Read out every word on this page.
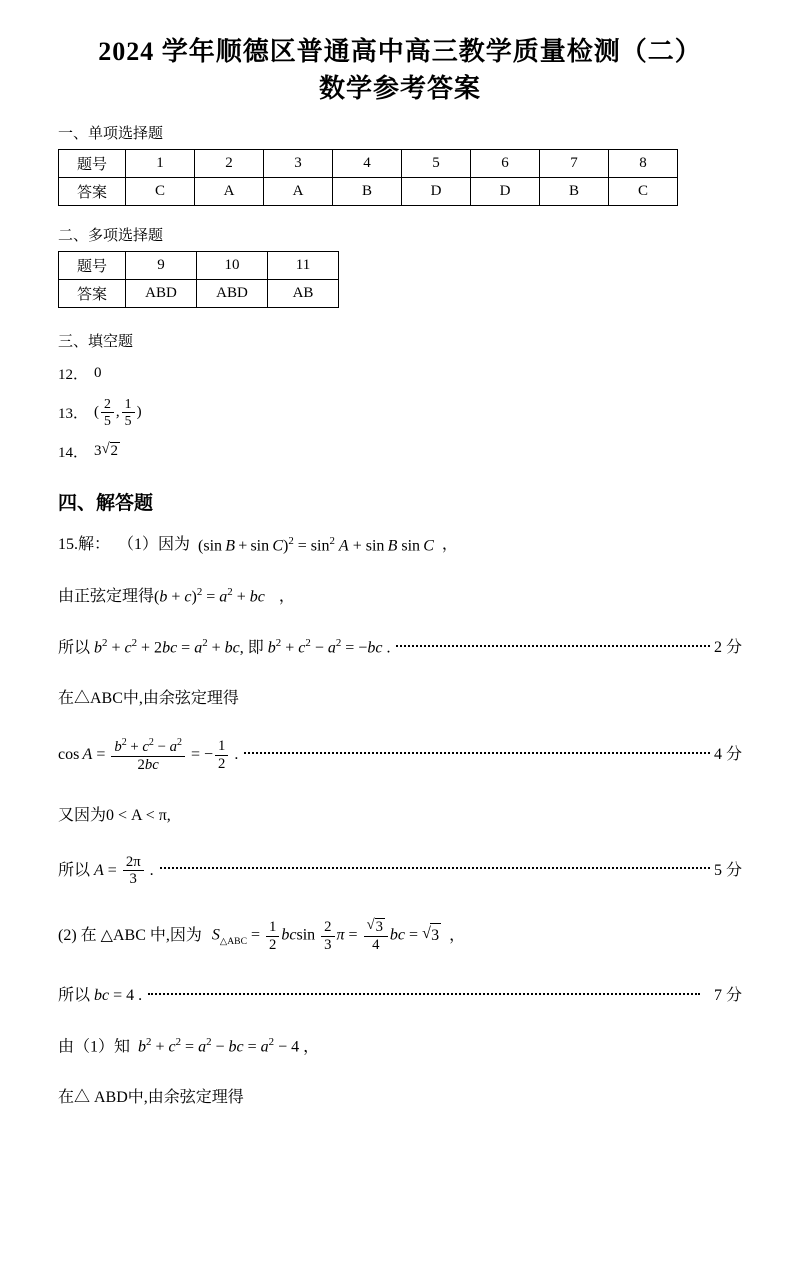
2024 学年顺德区普通高中高三教学质量检测（二）
数学参考答案
一、单项选择题
题号	1	2	3	4	5	6	7	8
答案	C	A	A	B	D	D	B	C
二、多项选择题
题号	9	10	11
答案	ABD	ABD	AB
三、填空题
12． 0
13． ( $\frac{2}{5}$ , $\frac{1}{5}$ )
14． 3 √ 2
四、解答题
15.解： （1）因为 (sin $B + \sin C)^2 = \sin^2 A + \sin B$ sin C ，
由正弦定理得 $(b + c)^2 = a^2$ + bc ，
所以 $b^2 + c^2 + 2bc = a^2$ + bc, 即 $b^2 + c^2 - a^2 = -bc$ .	2 分
在△ABC中,由余弦定理得
$\cos A = \frac{b^2 + c^2 - a^2}{2bc}$ = − $\frac{1}{2}$ .	4 分
又因为0 < A < π,
所以 $A = \frac{2\pi}{3}$ .	5 分
(2) 在 △ABC 中,因为 $S_{\triangle ABC} = \frac{1}{2}$ bcsin $\frac{2}{3}$ π = √ $\frac{3}{4}$ bc = √ 3 ，
所以 bc = 4 .	7 分
由（1）知  $b^2 + c^2 = a^2$ − bc = $a^2 - 4$ ，
在△ ABD中,由余弦定理得
